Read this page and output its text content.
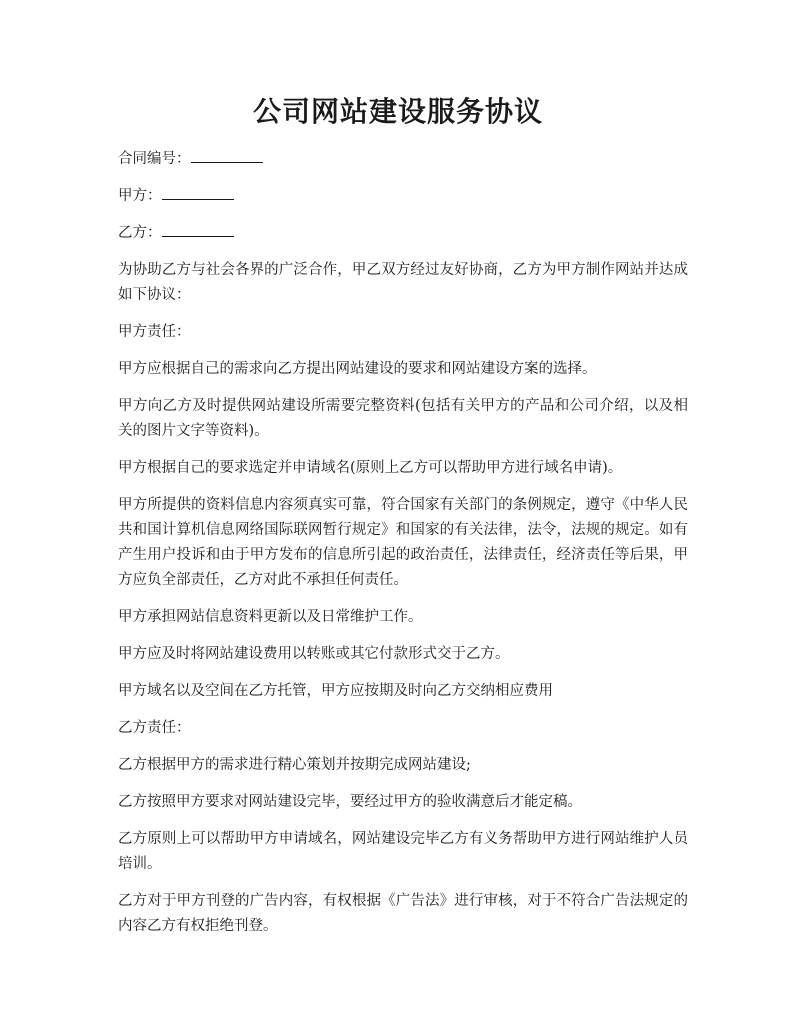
公司网站建设服务协议

合同编号：

甲方：

乙方：

为协助乙方与社会各界的广泛合作，甲乙双方经过友好协商，乙方为甲方制作网站并达成如下协议：

甲方责任：

甲方应根据自己的需求向乙方提出网站建设的要求和网站建设方案的选择。

甲方向乙方及时提供网站建设所需要完整资料(包括有关甲方的产品和公司介绍，以及相关的图片文字等资料)。

甲方根据自己的要求选定并申请域名(原则上乙方可以帮助甲方进行域名申请)。

甲方所提供的资料信息内容须真实可靠，符合国家有关部门的条例规定，遵守《中华人民共和国计算机信息网络国际联网暂行规定》和国家的有关法律，法令，法规的规定。如有产生用户投诉和由于甲方发布的信息所引起的政治责任，法律责任，经济责任等后果，甲方应负全部责任，乙方对此不承担任何责任。

甲方承担网站信息资料更新以及日常维护工作。

甲方应及时将网站建设费用以转账或其它付款形式交于乙方。

甲方域名以及空间在乙方托管，甲方应按期及时向乙方交纳相应费用

乙方责任：

乙方根据甲方的需求进行精心策划并按期完成网站建设;

乙方按照甲方要求对网站建设完毕，要经过甲方的验收满意后才能定稿。

乙方原则上可以帮助甲方申请域名，网站建设完毕乙方有义务帮助甲方进行网站维护人员培训。

乙方对于甲方刊登的广告内容，有权根据《广告法》进行审核，对于不符合广告法规定的内容乙方有权拒绝刊登。
